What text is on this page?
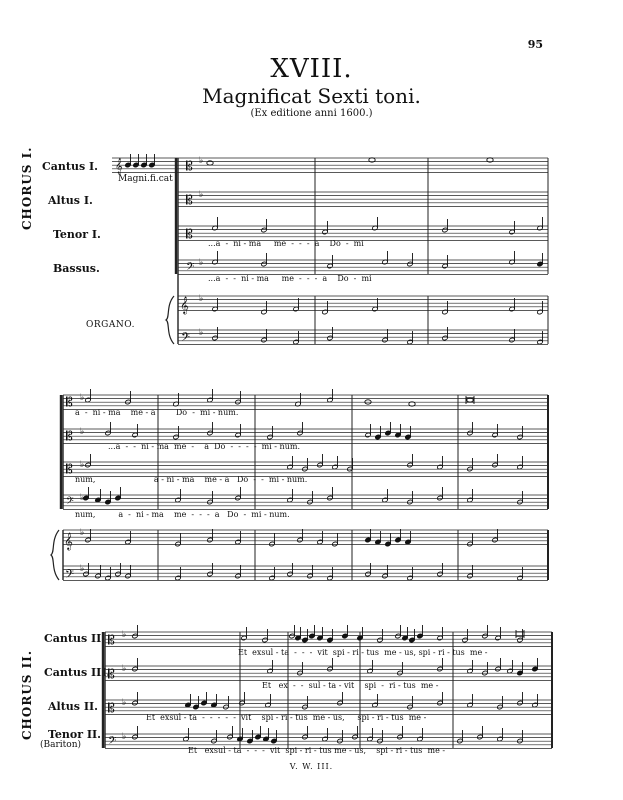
95
XVIII.
Magnificat Sexti toni.
(Ex editione anni 1600.)
CHORUS I.
CHORUS II.
Cantus I.
Altus I.
Tenor I.
Bassus.
ORGANO.
Magni.fi.cat
...a  -  ni - ma     me  -  -  -  a    Do  -  mi
...a  -  -  ni - ma     me  -  -  -  a    Do  -  mi
a  -  ni - ma    me - a        Do  -  mi - num.
...a  -  -  ni - ma  me  -    a  Do  -  -  -  -  mi - num.
num,                       a - ni - ma    me - a   Do  -  -  mi - num.
num,         a  -  ni - ma    me  -  -  -  a   Do  -  mi - num.
Cantus II.
Cantus III.
Altus II.
Tenor II.
(Bariton)
Et  exsul - ta  -  -  -  vit  spi - ri - tus  me - us, spi - ri - tus  me -
Et   ex  -  -  sul - ta - vit    spi  -  ri - tus  me -
Et  exsul - ta  -  -  -  -  -  vit    spi - ri - tus  me - us,     spi - ri - tus  me -
Et   exsul - ta  -  -  -  vit  spi - ri - tus me - us,    spi - ri - tus  me -
V. W. III.
𝄞	𝄡
𝄡
𝄡
𝄢
𝄞
𝄢
♭
♭
♭
♭
♭
𝄡
𝄡
𝄡
𝄢
𝄞
𝄢
♭
♭
♭
♭
♭
♭
𝄡
𝄡
𝄡
𝄢
♭
♭
♭
♭
